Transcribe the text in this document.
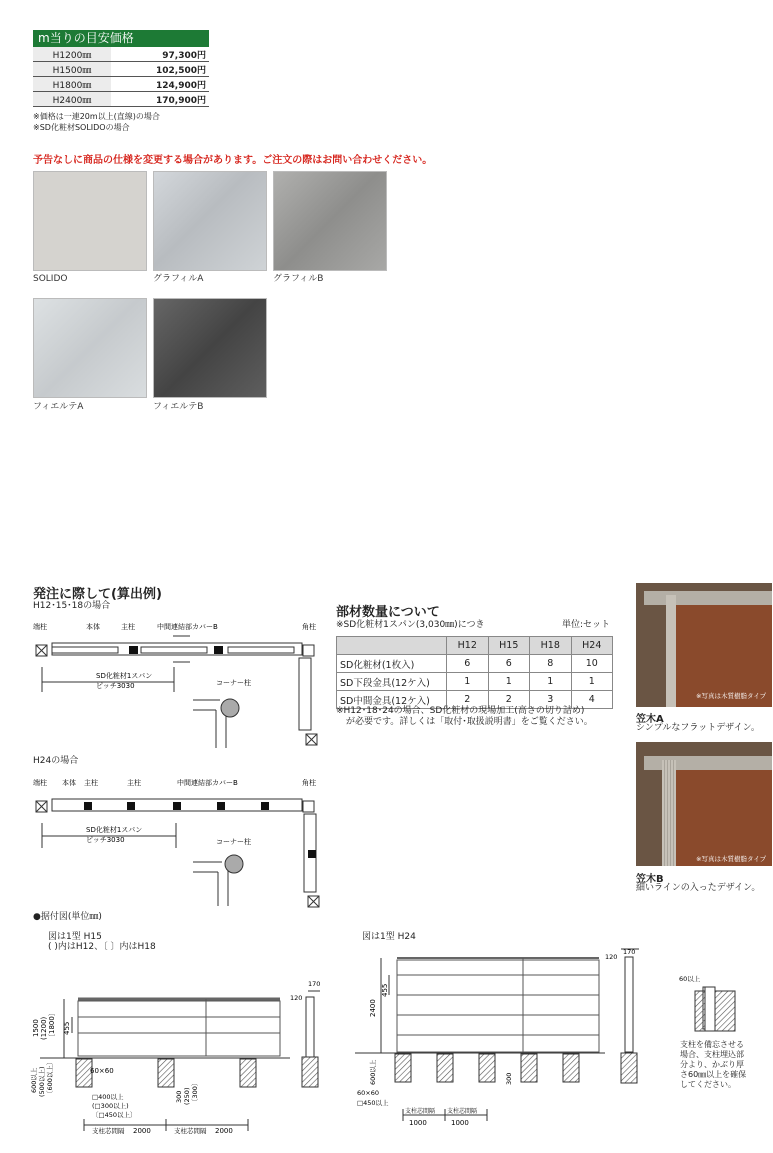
m当りの目安価格
H1200㎜	97,300円
H1500㎜	102,500円
H1800㎜	124,900円
H2400㎜	170,900円
※価格は一連20m以上(直線)の場合
※SD化粧材SOLIDOの場合
予告なしに商品の仕様を変更する場合があります。ご注文の際はお問い合わせください。
SOLIDO	グラフィルA	グラフィルB
フィエルテA	フィエルテB
発注に際して(算出例)
H12･15･18の場合
端柱	本体	主柱	中間連結部カバーB	角柱
SD化粧材1スパン
ピッチ3030	コーナー柱
H24の場合
端柱 本体 主柱	主柱	中間連結部カバーB	角柱
SD化粧材1スパン
ピッチ3030	コーナー柱
部材数量について
※SD化粧材1スパン(3,030㎜)につき	単位:セット
	H12	H15	H18	H24
SD化粧材(1枚入)	6	6	8	10
SD下段金具(12ケ入)	1	1	1	1
SD中間金具(12ケ入)	2	2	3	4
※H12･18･24の場合、SD化粧材の現場加工(高さの切り詰め)
が必要です。詳しくは「取付･取扱説明書」をご覧ください。
※写真は木質樹脂タイプ
笠木A
シンプルなフラットデザイン。
※写真は木質樹脂タイプ
笠木B
細いラインの入ったデザイン。
●据付図(単位㎜)
図は1型 H15
( )内はH12、〔 〕内はH18
図は1型 H24
1500 (1200) 〔1800〕 455
600以上 (500以上) 〔600以上〕	60×60
300 (250) 〔300〕
□400以上
(□300以上)
〔□450以上〕
支柱芯間隔 2000	支柱芯間隔 2000
170
120
2400
455
600以上	300
60×60
□450以上
支柱芯間隔
1000
支柱芯間隔
1000
170
120
60以上
支柱を備忘させる場合、支柱埋込部分より、かぶり厚さ60㎜以上を確保してください。
